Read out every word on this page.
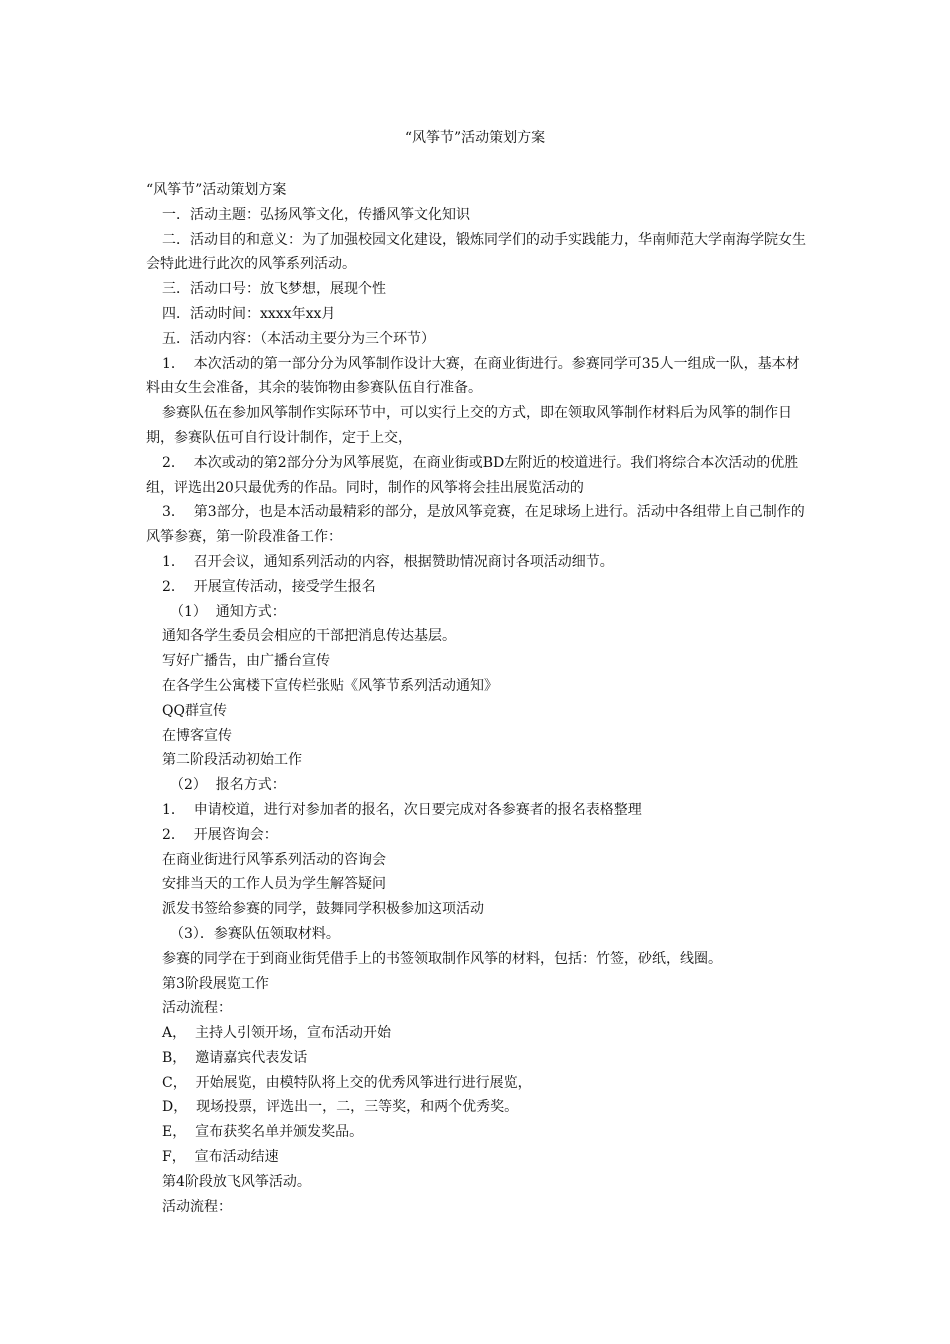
“风筝节”活动策划方案

“风筝节”活动策划方案

一．活动主题：弘扬风筝文化，传播风筝文化知识

二．活动目的和意义：为了加强校园文化建设，锻炼同学们的动手实践能力，华南师范大学南海学院女生会特此进行此次的风筝系列活动。

三．活动口号：放飞梦想，展现个性

四．活动时间：xxxx年xx月

五．活动内容：（本活动主要分为三个环节）

1．  本次活动的第一部分分为风筝制作设计大赛，在商业街进行。参赛同学可35人一组成一队，基本材料由女生会准备，其余的装饰物由参赛队伍自行准备。

参赛队伍在参加风筝制作实际环节中，可以实行上交的方式，即在领取风筝制作材料后为风筝的制作日期，参赛队伍可自行设计制作，定于上交，

2．  本次或动的第2部分分为风筝展览，在商业街或BD左附近的校道进行。我们将综合本次活动的优胜组，评选出20只最优秀的作品。同时，制作的风筝将会挂出展览活动的

3．  第3部分，也是本活动最精彩的部分，是放风筝竞赛，在足球场上进行。活动中各组带上自己制作的风筝参赛，第一阶段准备工作：

1．  召开会议，通知系列活动的内容，根据赞助情况商讨各项活动细节。

2．  开展宣传活动，接受学生报名

（1）  通知方式：

通知各学生委员会相应的干部把消息传达基层。

写好广播告，由广播台宣传

在各学生公寓楼下宣传栏张贴《风筝节系列活动通知》

QQ群宣传

在博客宣传

第二阶段活动初始工作

（2）  报名方式：

1．  申请校道，进行对参加者的报名，次日要完成对各参赛者的报名表格整理

2．  开展咨询会：

在商业街进行风筝系列活动的咨询会

安排当天的工作人员为学生解答疑问

派发书签给参赛的同学，鼓舞同学积极参加这项活动

（3）．参赛队伍领取材料。

参赛的同学在于到商业街凭借手上的书签领取制作风筝的材料，包括：竹签，砂纸，线圈。

第3阶段展览工作

活动流程：

A，  主持人引领开场，宣布活动开始

B，  邀请嘉宾代表发话

C，  开始展览，由模特队将上交的优秀风筝进行进行展览，

D，  现场投票，评选出一，二，三等奖，和两个优秀奖。

E，  宣布获奖名单并颁发奖品。

F，  宣布活动结速

第4阶段放飞风筝活动。

活动流程：
